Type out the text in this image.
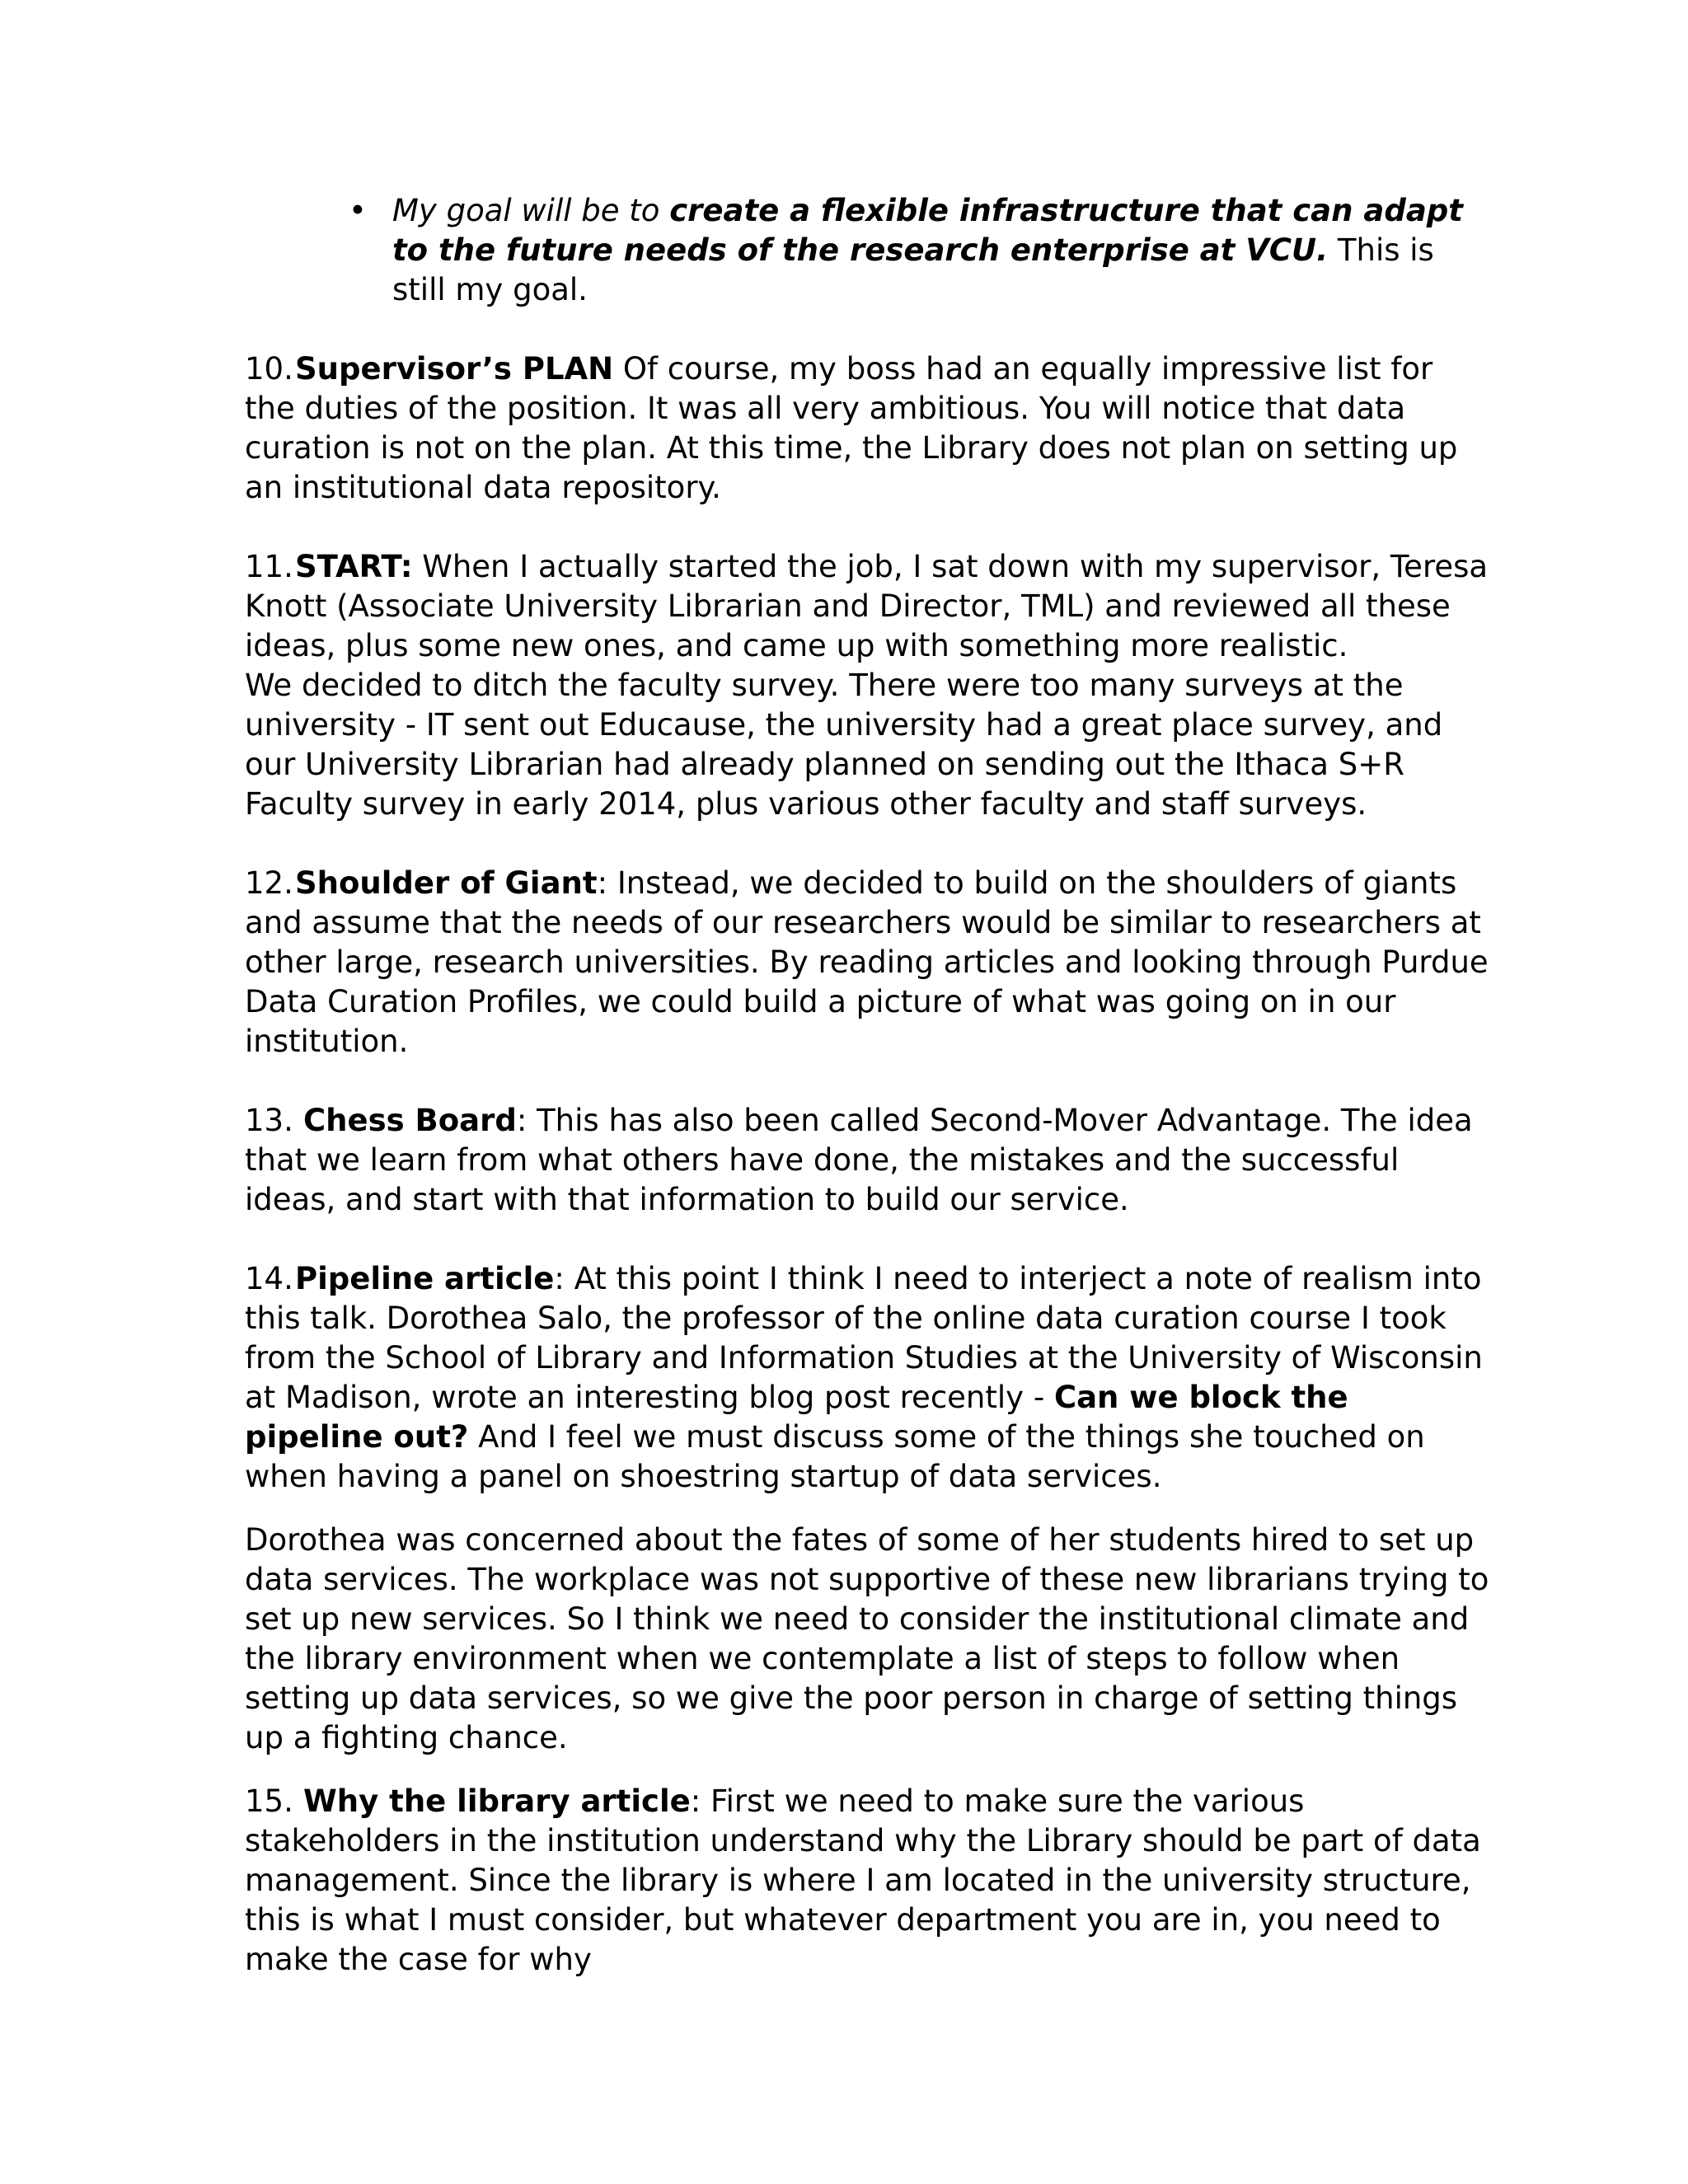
• My goal will be to create a flexible infrastructure that can adapt to the future needs of the research enterprise at VCU. This is still my goal.

10.Supervisor’s PLAN Of course, my boss had an equally impressive list for the duties of the position. It was all very ambitious. You will notice that data curation is not on the plan. At this time, the Library does not plan on setting up an institutional data repository.

11.START: When I actually started the job, I sat down with my supervisor, Teresa Knott (Associate University Librarian and Director, TML) and reviewed all these ideas, plus some new ones, and came up with something more realistic.
We decided to ditch the faculty survey. There were too many surveys at the university - IT sent out Educause, the university had a great place survey, and our University Librarian had already planned on sending out the Ithaca S+R Faculty survey in early 2014, plus various other faculty and staff surveys.

12.Shoulder of Giant: Instead, we decided to build on the shoulders of giants and assume that the needs of our researchers would be similar to researchers at other large, research universities. By reading articles and looking through Purdue Data Curation Profiles, we could build a picture of what was going on in our institution.

13. Chess Board: This has also been called Second-Mover Advantage. The idea that we learn from what others have done, the mistakes and the successful ideas, and start with that information to build our service.

14.Pipeline article: At this point I think I need to interject a note of realism into this talk. Dorothea Salo, the professor of the online data curation course I took from the School of Library and Information Studies at the University of Wisconsin at Madison, wrote an interesting blog post recently - Can we block the pipeline out? And I feel we must discuss some of the things she touched on when having a panel on shoestring startup of data services.

Dorothea was concerned about the fates of some of her students hired to set up data services. The workplace was not supportive of these new librarians trying to set up new services. So I think we need to consider the institutional climate and the library environment when we contemplate a list of steps to follow when setting up data services, so we give the poor person in charge of setting things up a fighting chance.

15. Why the library article: First we need to make sure the various stakeholders in the institution understand why the Library should be part of data management. Since the library is where I am located in the university structure, this is what I must consider, but whatever department you are in, you need to make the case for why
